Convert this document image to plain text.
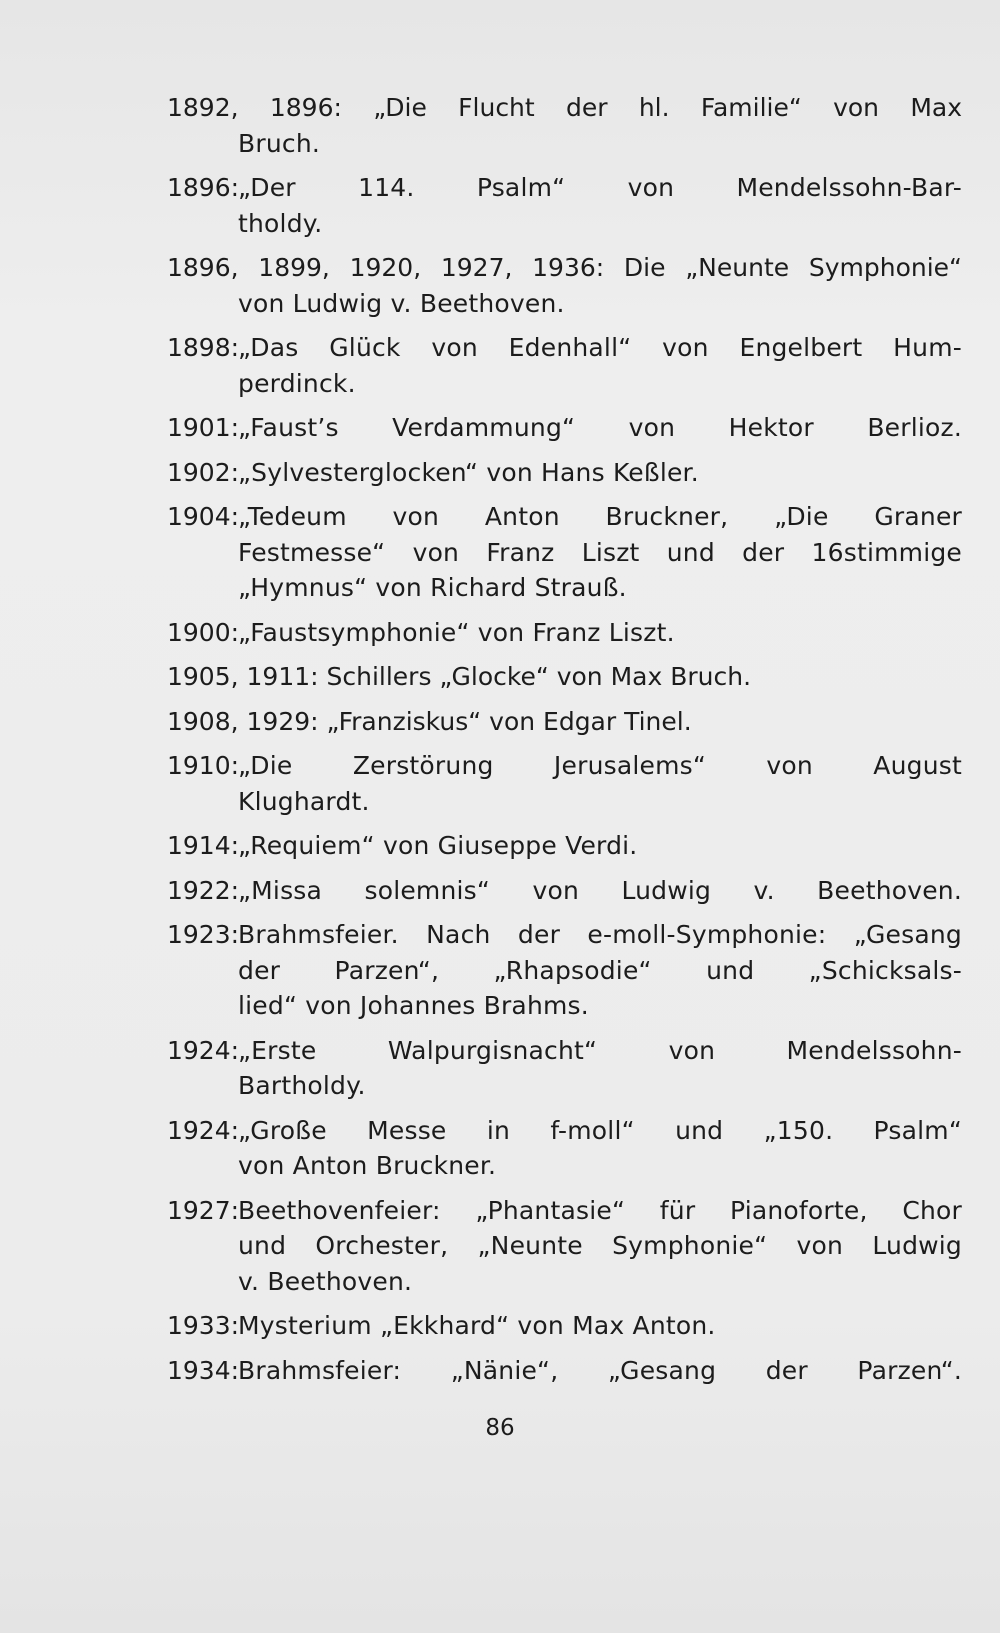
1892, 1896: „Die Flucht der hl. Familie“ von Max
Bruch.
1896:
„Der 114. Psalm“ von Mendelssohn-Bar-
tholdy.
1896, 1899, 1920, 1927, 1936: Die „Neunte Symphonie“
von Ludwig v. Beethoven.
1898:
„Das Glück von Edenhall“ von Engelbert Hum-
perdinck.
1901:
„Faust’s Verdammung“ von Hektor Berlioz.
1902:
„Sylvesterglocken“ von Hans Keßler.
1904:
„Tedeum von Anton Bruckner, „Die Graner
Festmesse“ von Franz Liszt und der 16stimmige
„Hymnus“ von Richard Strauß.
1900:
„Faustsymphonie“ von Franz Liszt.
1905, 1911: Schillers „Glocke“ von Max Bruch.
1908, 1929: „Franziskus“ von Edgar Tinel.
1910:
„Die Zerstörung Jerusalems“ von August
Klughardt.
1914:
„Requiem“ von Giuseppe Verdi.
1922:
„Missa solemnis“ von Ludwig v. Beethoven.
1923:
Brahmsfeier. Nach der e-moll-Symphonie: „Gesang
der Parzen“, „Rhapsodie“ und „Schicksals-
lied“ von Johannes Brahms.
1924:
„Erste Walpurgisnacht“ von Mendelssohn-
Bartholdy.
1924:
„Große Messe in f-moll“ und „150. Psalm“
von Anton Bruckner.
1927:
Beethovenfeier: „Phantasie“ für Pianoforte, Chor
und Orchester, „Neunte Symphonie“ von Ludwig
v. Beethoven.
1933:
Mysterium „Ekkhard“ von Max Anton.
1934:
Brahmsfeier: „Nänie“, „Gesang der Parzen“.
86
